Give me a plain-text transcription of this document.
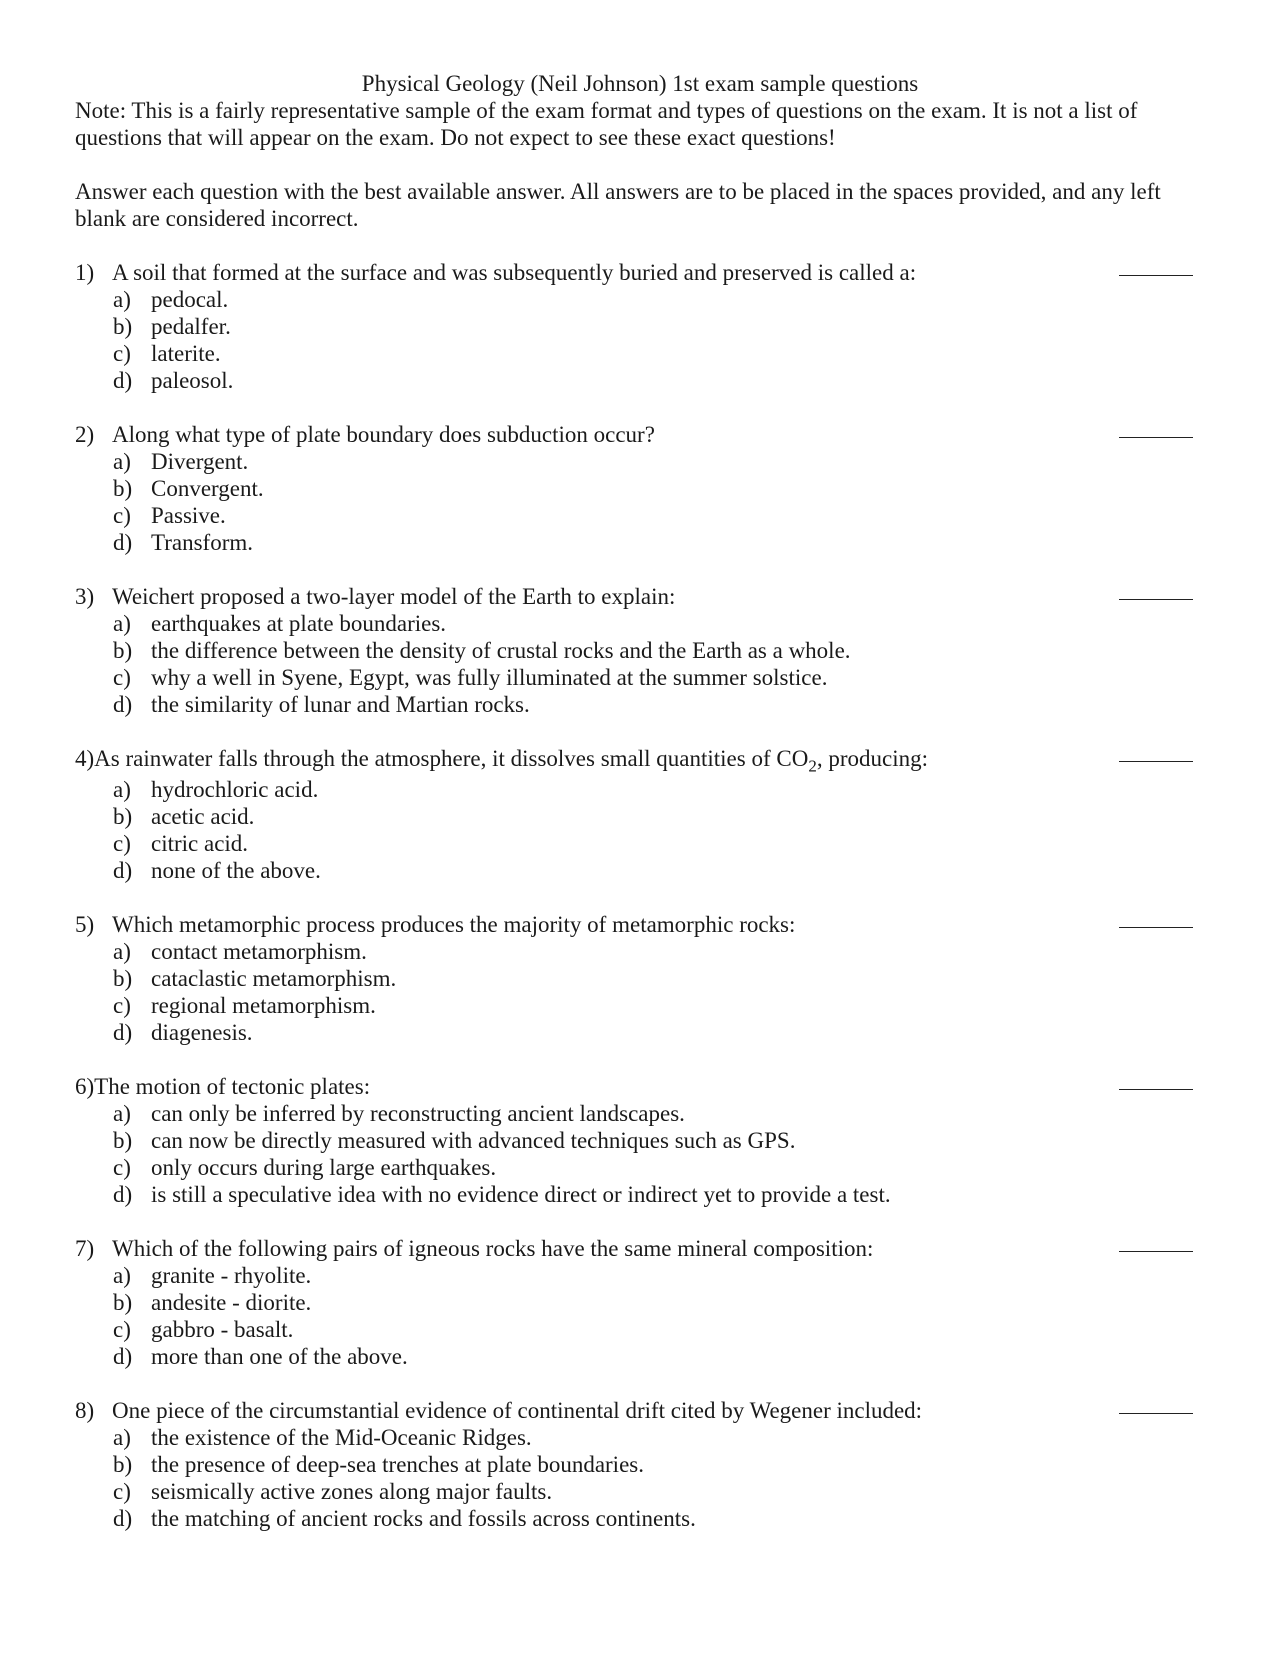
Physical Geology (Neil Johnson) 1st exam sample questions

Note: This is a fairly representative sample of the exam format and types of questions on the exam. It is not a list of questions that will appear on the exam. Do not expect to see these exact questions!

Answer each question with the best available answer. All answers are to be placed in the spaces provided, and any left blank are considered incorrect.

1) A soil that formed at the surface and was subsequently buried and preserved is called a:
a) pedocal.
b) pedalfer.
c) laterite.
d) paleosol.
2) Along what type of plate boundary does subduction occur?
a) Divergent.
b) Convergent.
c) Passive.
d) Transform.
3) Weichert proposed a two-layer model of the Earth to explain:
a) earthquakes at plate boundaries.
b) the difference between the density of crustal rocks and the Earth as a whole.
c) why a well in Syene, Egypt, was fully illuminated at the summer solstice.
d) the similarity of lunar and Martian rocks.
4) As rainwater falls through the atmosphere, it dissolves small quantities of $CO_2$, producing:
a) hydrochloric acid.
b) acetic acid.
c) citric acid.
d) none of the above.
5) Which metamorphic process produces the majority of metamorphic rocks:
a) contact metamorphism.
b) cataclastic metamorphism.
c) regional metamorphism.
d) diagenesis.
6) The motion of tectonic plates:
a) can only be inferred by reconstructing ancient landscapes.
b) can now be directly measured with advanced techniques such as GPS.
c) only occurs during large earthquakes.
d) is still a speculative idea with no evidence direct or indirect yet to provide a test.
7) Which of the following pairs of igneous rocks have the same mineral composition:
a) granite - rhyolite.
b) andesite - diorite.
c) gabbro - basalt.
d) more than one of the above.
8) One piece of the circumstantial evidence of continental drift cited by Wegener included:
a) the existence of the Mid-Oceanic Ridges.
b) the presence of deep-sea trenches at plate boundaries.
c) seismically active zones along major faults.
d) the matching of ancient rocks and fossils across continents.
